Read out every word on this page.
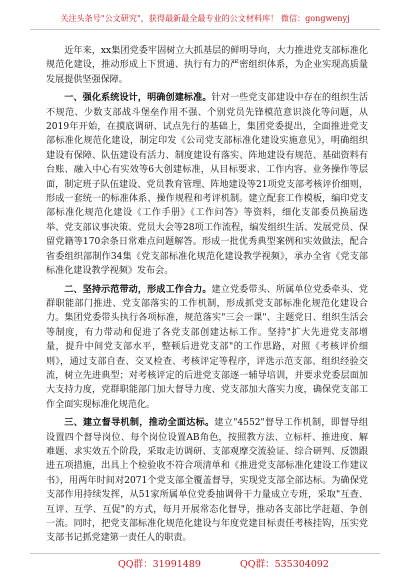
关注头条号"公文研究"，获得最新最全最专业的公文材料库！ 微信：gongwenyj

近年来，xx集团党委牢固树立大抓基层的鲜明导向，大力推进党支部标准化规范化建设，推动形成上下贯通、执行有力的严密组织体系，为企业实现高质量发展提供坚强保障。

一、强化系统设计，明确创建标准。针对一些党支部建设中存在的组织生活不规范、少数支部战斗堡垒作用不强、个别党员先锋模范意识淡化等问题，从2019年开始，在摸底调研、试点先行的基础上，集团党委提出，全面推进党支部标准化规范化建设，制定印发《公司党支部标准化建设实施意见》，明确组织建设有保障、队伍建设有活力、制度建设有落实、阵地建设有规范、基础资料有台账、融入中心有实效等6大创建标准，从目标要求、工作内容、业务操作等层面，制定班子队伍建设、党员教育管理、阵地建设等21项党支部考核评价细则，形成一套统一的标准体系、操作规程和考评机制。建立配套工作模板，编印党支部标准化规范化建设《工作手册》《工作问答》等资料，细化支部委员换届选举、党支部议事决策、党员大会等28项工作流程，编发组织生活、发展党员、保留党籍等170余条日常难点问题解答。形成一批优秀典型案例和实效做法，配合省委组织部制作34集《党支部标准化规范化建设教学视频》，承办全省《党支部标准化建设教学视频》发布会。

二、坚持示范带动，形成工作合力。建立党委带头、所属单位党委牵头、党群职能部门推进、党支部落实的工作机制，形成抓党支部标准化规范化建设合力。集团党委带头执行各项标准，规范落实"三会一课"、主题党日、组织生活会等制度，有力带动和促进了各党支部创建达标工作。坚持"扩大先进党支部增量，提升中间党支部水平，整顿后进党支部"的工作思路，对照《考核评价细则》，通过支部自查、交叉检查、考核评定等程序，评选示范支部、组织经验交流，树立先进典型；对考核评定的后进党支部逐一辅导培训，并要求党委层面加大支持力度，党群职能部门加大督导力度、党支部加大落实力度，确保党支部工作全面实现标准化规范化。

三、建立督导机制，推动全面达标。建立"4552"督导工作机制，即督导组设置四个督导岗位、每个岗位设置AB角色，按照教方法、立标杆、推进度、解难题、求实效五个阶段，采取走访调研、支部观摩交流验证、综合研判、反馈跟进五项措施，出具上个检验收不符合项清单和《推进党支部标准化建设工作建议书》，用两年时间对2071个党支部全覆盖督导，实现党支部全部达标。为确保党支部作用持续发挥，从51家所属单位党委抽调骨干力量成立专班，采取"互查、互评、互学、互促"的方式，每月开展常态化督导，推动各支部比学赶超、争创一流。同时，把党支部标准化规范化建设与年度党建目标责任考核挂钩，压实党支部书记抓党建第一责任人的职责。

QQ群：31991489	QQ群：535304092
